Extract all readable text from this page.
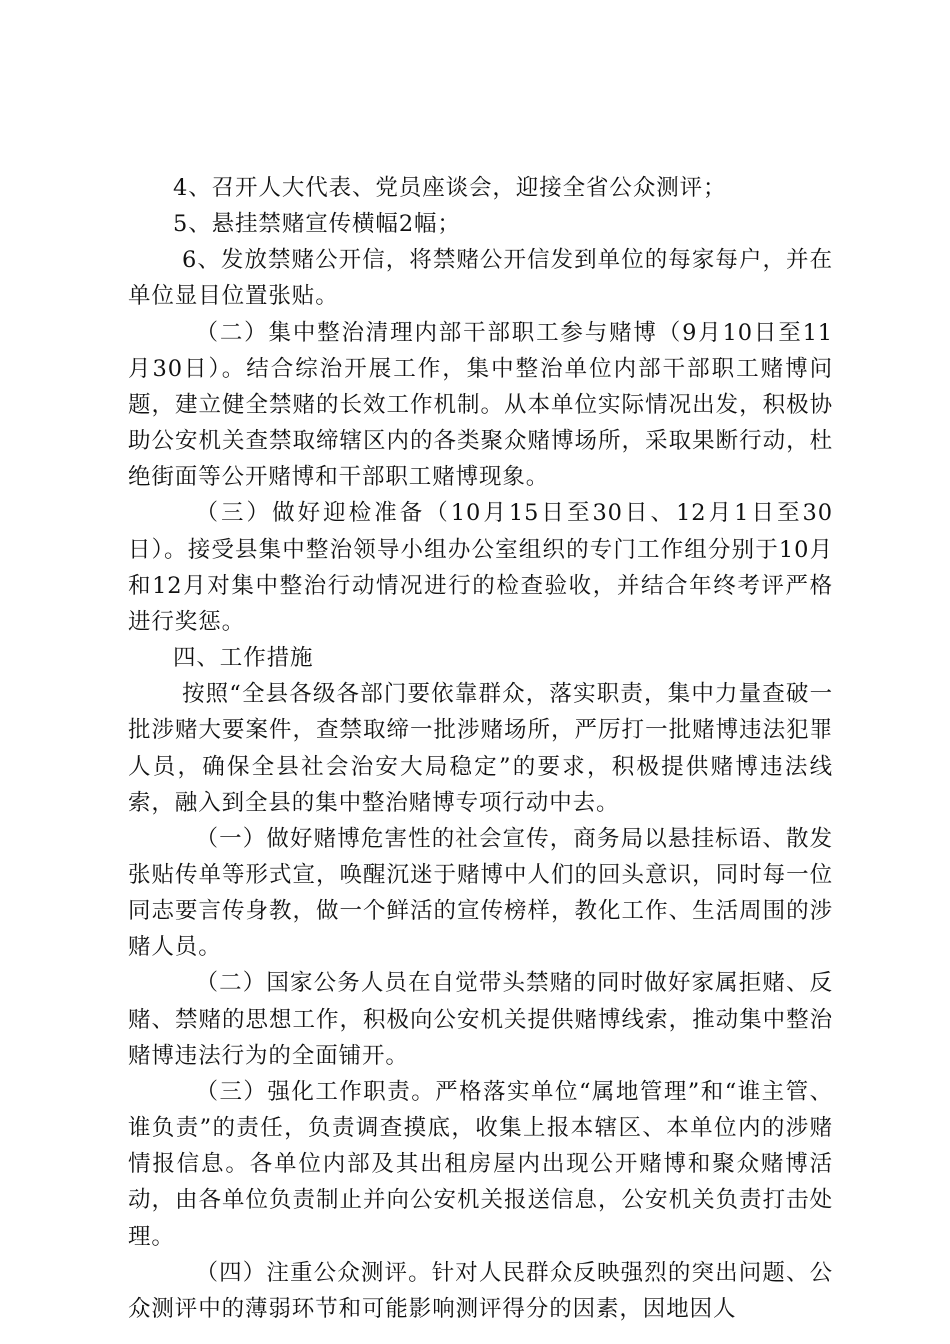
4、召开人大代表、党员座谈会，迎接全省公众测评；

5、悬挂禁赌宣传横幅2幅；

6、发放禁赌公开信，将禁赌公开信发到单位的每家每户，并在单位显目位置张贴。

（二）集中整治清理内部干部职工参与赌博（9月10日至11月30日）。结合综治开展工作，集中整治单位内部干部职工赌博问题，建立健全禁赌的长效工作机制。从本单位实际情况出发，积极协助公安机关查禁取缔辖区内的各类聚众赌博场所，采取果断行动，杜绝街面等公开赌博和干部职工赌博现象。

（三）做好迎检准备（10月15日至30日、12月1日至30日）。接受县集中整治领导小组办公室组织的专门工作组分别于10月和12月对集中整治行动情况进行的检查验收，并结合年终考评严格进行奖惩。

四、工作措施

按照“全县各级各部门要依靠群众，落实职责，集中力量查破一批涉赌大要案件，查禁取缔一批涉赌场所，严厉打一批赌博违法犯罪人员，确保全县社会治安大局稳定”的要求，积极提供赌博违法线索，融入到全县的集中整治赌博专项行动中去。

（一）做好赌博危害性的社会宣传，商务局以悬挂标语、散发张贴传单等形式宣，唤醒沉迷于赌博中人们的回头意识，同时每一位同志要言传身教，做一个鲜活的宣传榜样，教化工作、生活周围的涉赌人员。

（二）国家公务人员在自觉带头禁赌的同时做好家属拒赌、反赌、禁赌的思想工作，积极向公安机关提供赌博线索，推动集中整治赌博违法行为的全面铺开。

（三）强化工作职责。严格落实单位“属地管理”和“谁主管、谁负责”的责任，负责调查摸底，收集上报本辖区、本单位内的涉赌情报信息。各单位内部及其出租房屋内出现公开赌博和聚众赌博活动，由各单位负责制止并向公安机关报送信息，公安机关负责打击处理。

（四）注重公众测评。针对人民群众反映强烈的突出问题、公众测评中的薄弱环节和可能影响测评得分的因素，因地因人
